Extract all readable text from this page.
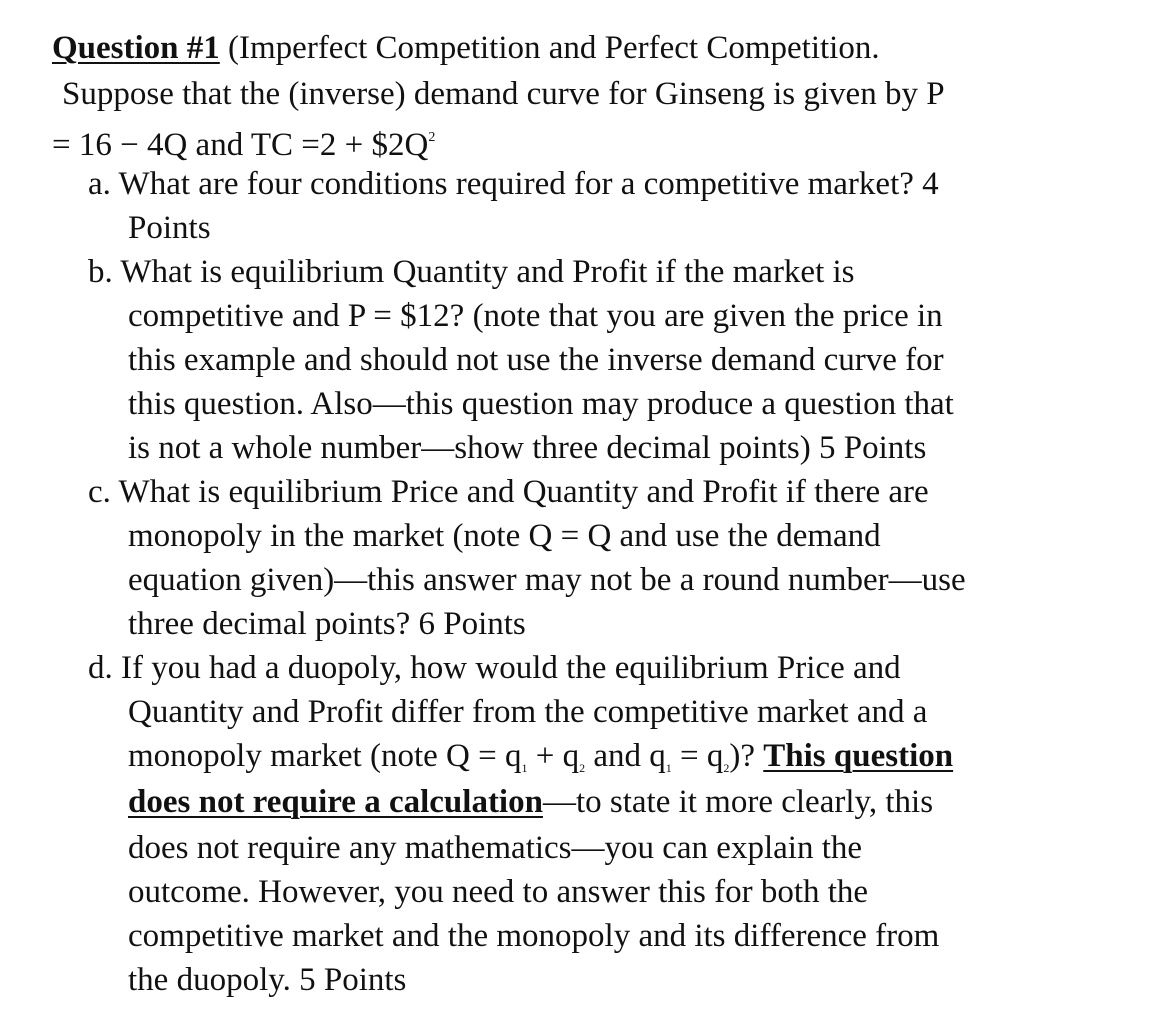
Question #1 (Imperfect Competition and Perfect Competition.
Suppose that the (inverse) demand curve for Ginseng is given by P
= 16 − 4Q and TC $=2 + \$2Q^2$
a. What are four conditions required for a competitive market? 4
Points
b. What is equilibrium Quantity and Profit if the market is
competitive and P = $12? (note that you are given the price in
this example and should not use the inverse demand curve for
this question. Also—this question may produce a question that
is not a whole number—show three decimal points) 5 Points
c. What is equilibrium Price and Quantity and Profit if there are
monopoly in the market (note Q = Q and use the demand
equation given)—this answer may not be a round number—use
three decimal points? 6 Points
d. If you had a duopoly, how would the equilibrium Price and
Quantity and Profit differ from the competitive market and a
monopoly market (note $Q = q_1 + q_2$ and $q_1 = q_2$)? This question
does not require a calculation—to state it more clearly, this
does not require any mathematics—you can explain the
outcome. However, you need to answer this for both the
competitive market and the monopoly and its difference from
the duopoly. 5 Points
